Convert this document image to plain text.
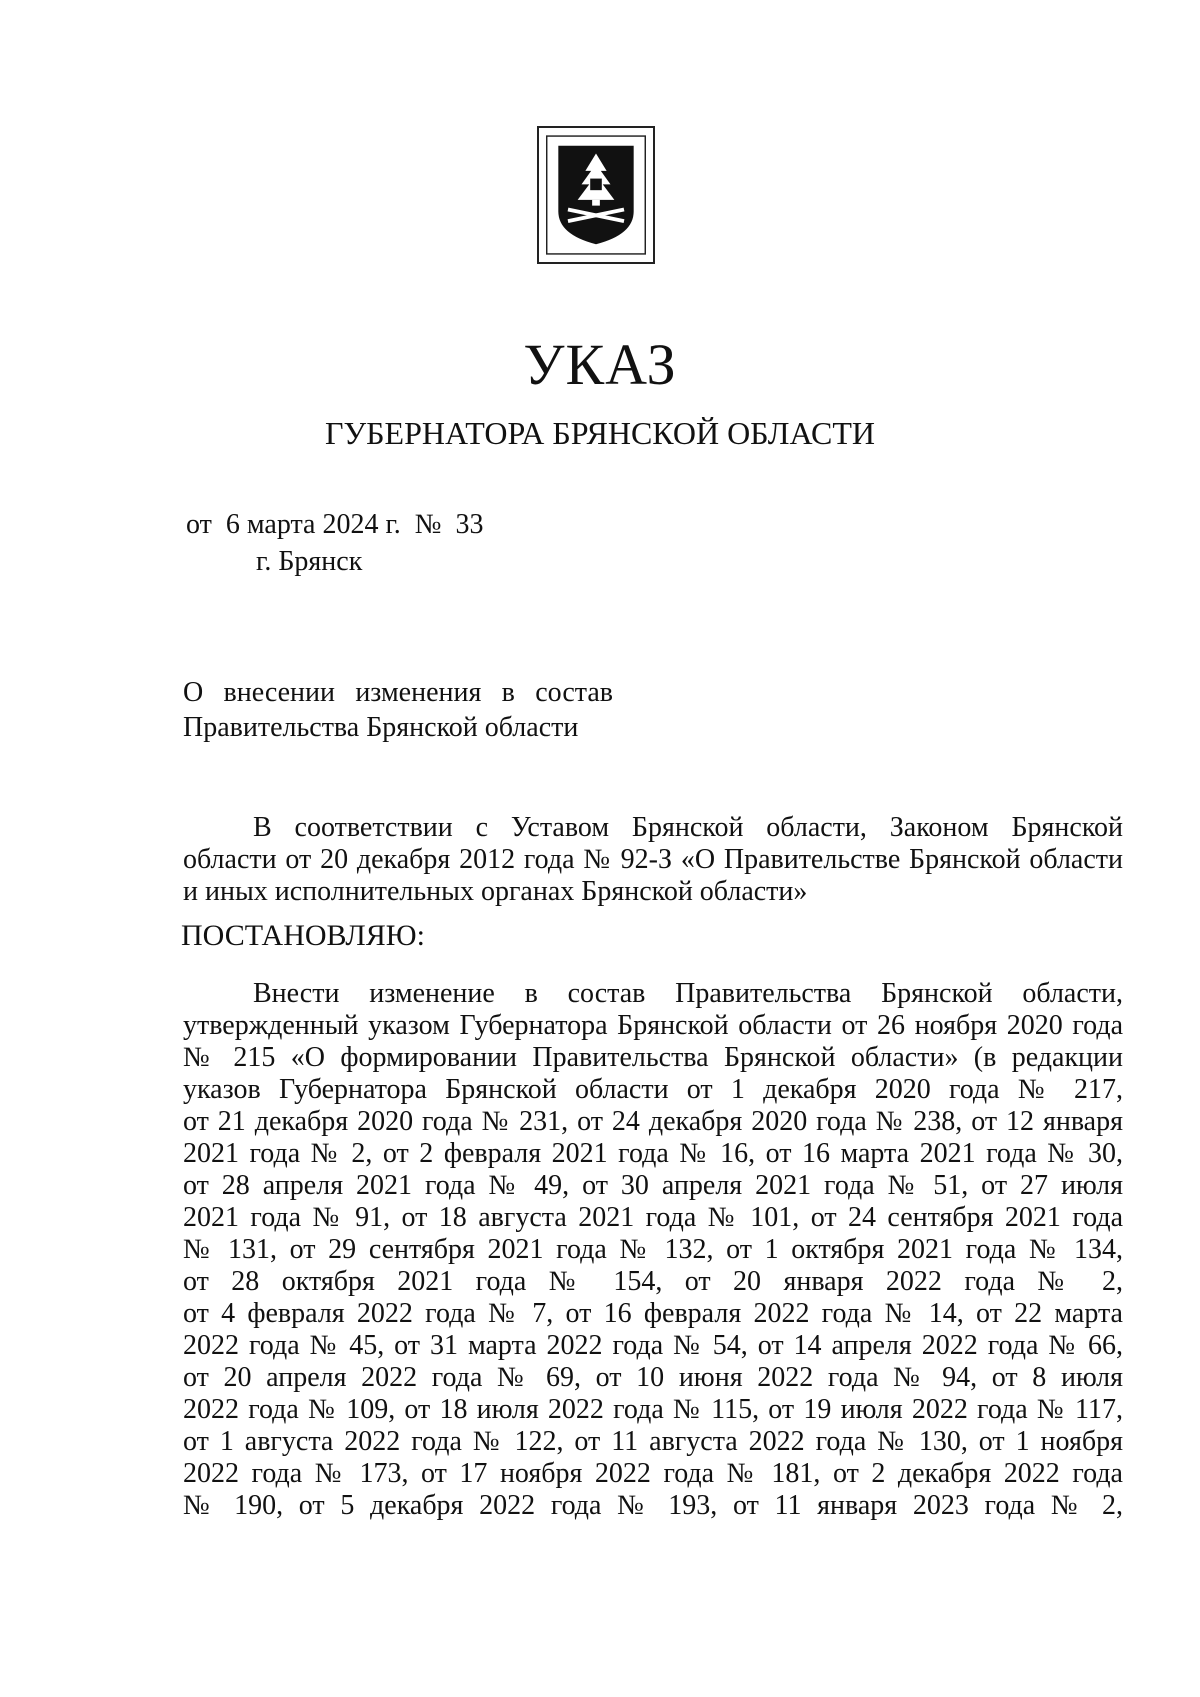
УКАЗ
ГУБЕРНАТОРА БРЯНСКОЙ ОБЛАСТИ
от  6 марта 2024 г.  №  33
г. Брянск
О внесении изменения в состав
Правительства Брянской области
В соответствии с Уставом Брянской области, Законом Брянской
области от 20 декабря 2012 года № 92-З «О Правительстве Брянской области
и иных исполнительных органах Брянской области»
ПОСТАНОВЛЯЮ:
Внести изменение в состав Правительства Брянской области,
утвержденный указом Губернатора Брянской области от 26 ноября 2020 года
№ 215 «О формировании Правительства Брянской области» (в редакции
указов Губернатора Брянской области от 1 декабря 2020 года № 217,
от 21 декабря 2020 года № 231, от 24 декабря 2020 года № 238, от 12 января
2021 года № 2, от 2 февраля 2021 года № 16, от 16 марта 2021 года № 30,
от 28 апреля 2021 года № 49, от 30 апреля 2021 года № 51, от 27 июля
2021 года № 91, от 18 августа 2021 года № 101, от 24 сентября 2021 года
№ 131, от 29 сентября 2021 года № 132, от 1 октября 2021 года № 134,
от 28 октября 2021 года № 154, от 20 января 2022 года № 2,
от 4 февраля 2022 года № 7, от 16 февраля 2022 года № 14, от 22 марта
2022 года № 45, от 31 марта 2022 года № 54, от 14 апреля 2022 года № 66,
от 20 апреля 2022 года № 69, от 10 июня 2022 года № 94, от 8 июля
2022 года № 109, от 18 июля 2022 года № 115, от 19 июля 2022 года № 117,
от 1 августа 2022 года № 122, от 11 августа 2022 года № 130, от 1 ноября
2022 года № 173, от 17 ноября 2022 года № 181, от 2 декабря 2022 года
№ 190, от 5 декабря 2022 года № 193, от 11 января 2023 года № 2,
